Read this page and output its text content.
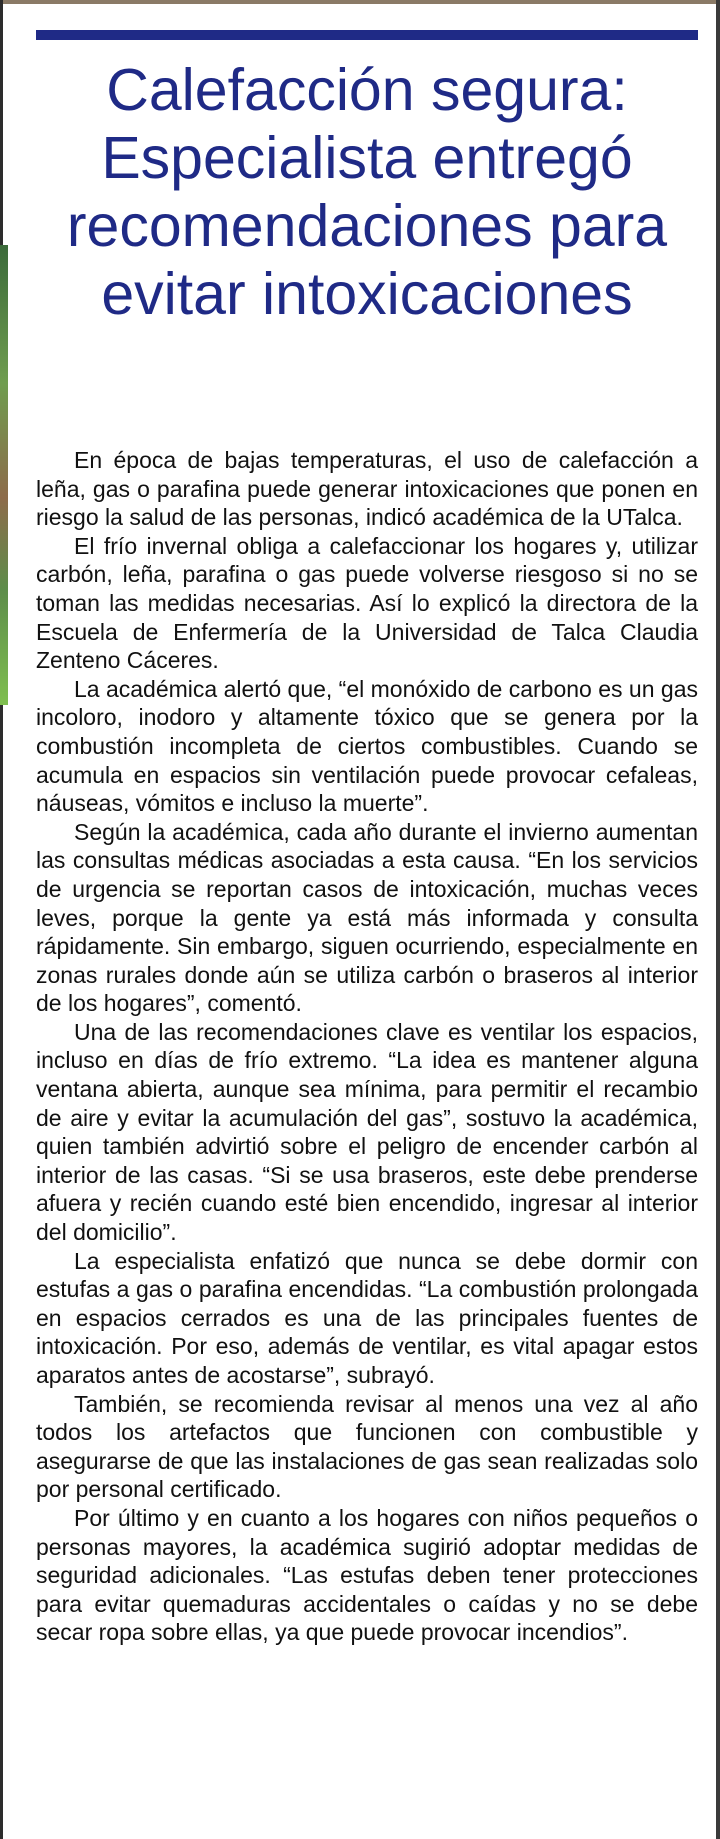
Calefacción segura: Especialista entregó recomendaciones para evitar intoxicaciones

En época de bajas temperaturas, el uso de calefacción a leña, gas o parafina puede generar intoxicaciones que ponen en riesgo la salud de las personas, indicó académica de la UTalca.

El frío invernal obliga a calefaccionar los hogares y, utilizar carbón, leña, parafina o gas puede volverse riesgoso si no se toman las medidas necesarias. Así lo explicó la directora de la Escuela de Enfermería de la Universidad de Talca Claudia Zenteno Cáceres.

La académica alertó que, “el monóxido de carbono es un gas incoloro, inodoro y altamente tóxico que se genera por la combustión incompleta de ciertos combustibles. Cuando se acumula en espacios sin ventilación puede provocar cefaleas, náuseas, vómitos e incluso la muerte”.

Según la académica, cada año durante el invierno aumentan las consultas médicas asociadas a esta causa. “En los servicios de urgencia se reportan casos de intoxicación, muchas veces leves, porque la gente ya está más informada y consulta rápidamente. Sin embargo, siguen ocurriendo, especialmente en zonas rurales donde aún se utiliza carbón o braseros al interior de los hogares”, comentó.

Una de las recomendaciones clave es ventilar los espacios, incluso en días de frío extremo. “La idea es mantener alguna ventana abierta, aunque sea mínima, para permitir el recambio de aire y evitar la acumulación del gas”, sostuvo la académica, quien también advirtió sobre el peligro de encender carbón al interior de las casas. “Si se usa braseros, este debe prenderse afuera y recién cuando esté bien encendido, ingresar al interior del domicilio”.

La especialista enfatizó que nunca se debe dormir con estufas a gas o parafina encendidas. “La combustión prolongada en espacios cerrados es una de las principales fuentes de intoxicación. Por eso, además de ventilar, es vital apagar estos aparatos antes de acostarse”, subrayó.

También, se recomienda revisar al menos una vez al año todos los artefactos que funcionen con combustible y asegurarse de que las instalaciones de gas sean realizadas solo por personal certificado.

Por último y en cuanto a los hogares con niños pequeños o personas mayores, la académica sugirió adoptar medidas de seguridad adicionales. “Las estufas deben tener protecciones para evitar quemaduras accidentales o caídas y no se debe secar ropa sobre ellas, ya que puede provocar incendios”.
